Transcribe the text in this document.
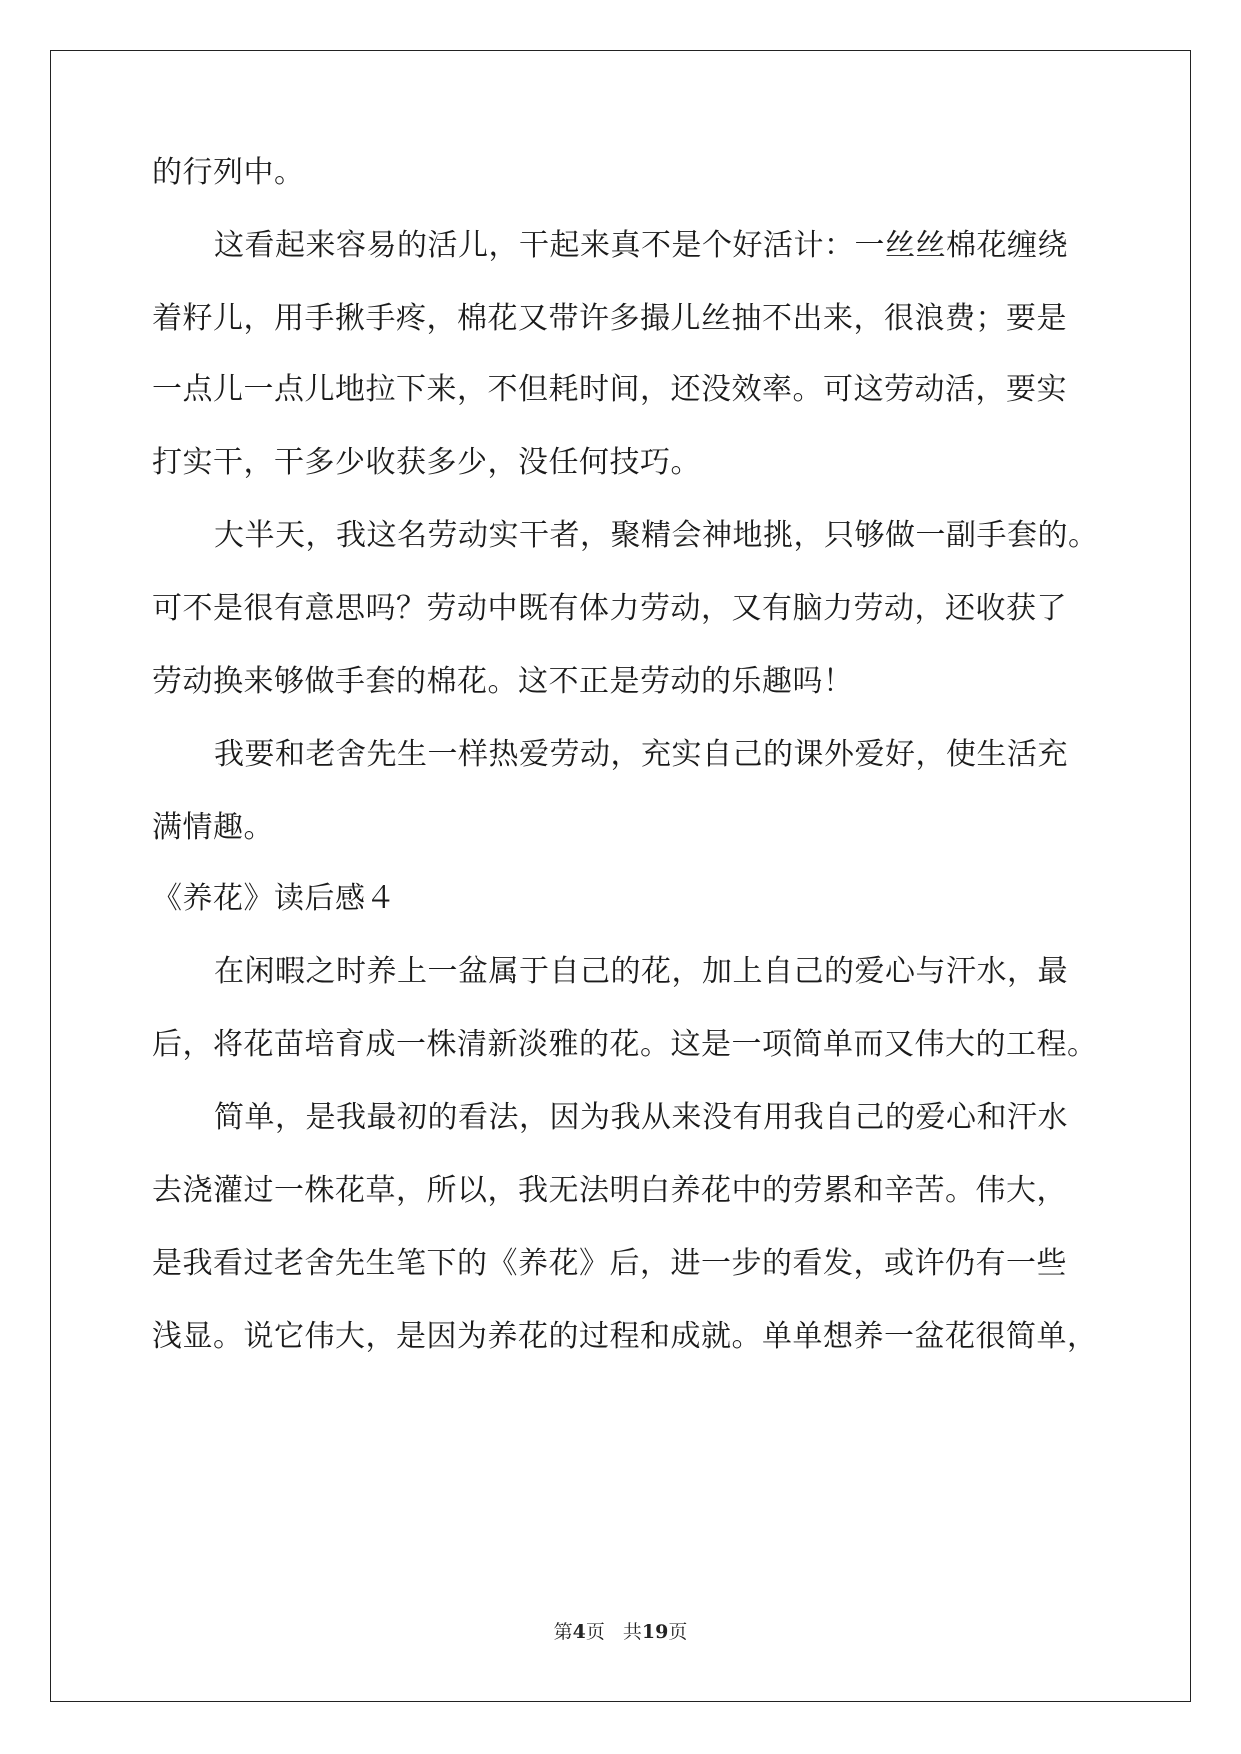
的行列中。
这看起来容易的活儿，干起来真不是个好活计：一丝丝棉花缠绕
着籽儿，用手揪手疼，棉花又带许多撮儿丝抽不出来，很浪费；要是
一点儿一点儿地拉下来，不但耗时间，还没效率。可这劳动活，要实
打实干，干多少收获多少，没任何技巧。
大半天，我这名劳动实干者，聚精会神地挑，只够做一副手套的。
可不是很有意思吗？劳动中既有体力劳动，又有脑力劳动，还收获了
劳动换来够做手套的棉花。这不正是劳动的乐趣吗！
我要和老舍先生一样热爱劳动，充实自己的课外爱好，使生活充
满情趣。
《养花》读后感４
在闲暇之时养上一盆属于自己的花，加上自己的爱心与汗水，最
后，将花苗培育成一株清新淡雅的花。这是一项简单而又伟大的工程。
简单，是我最初的看法，因为我从来没有用我自己的爱心和汗水
去浇灌过一株花草，所以，我无法明白养花中的劳累和辛苦。伟大，
是我看过老舍先生笔下的《养花》后，进一步的看发，或许仍有一些
浅显。说它伟大，是因为养花的过程和成就。单单想养一盆花很简单，
第4页 共19页
